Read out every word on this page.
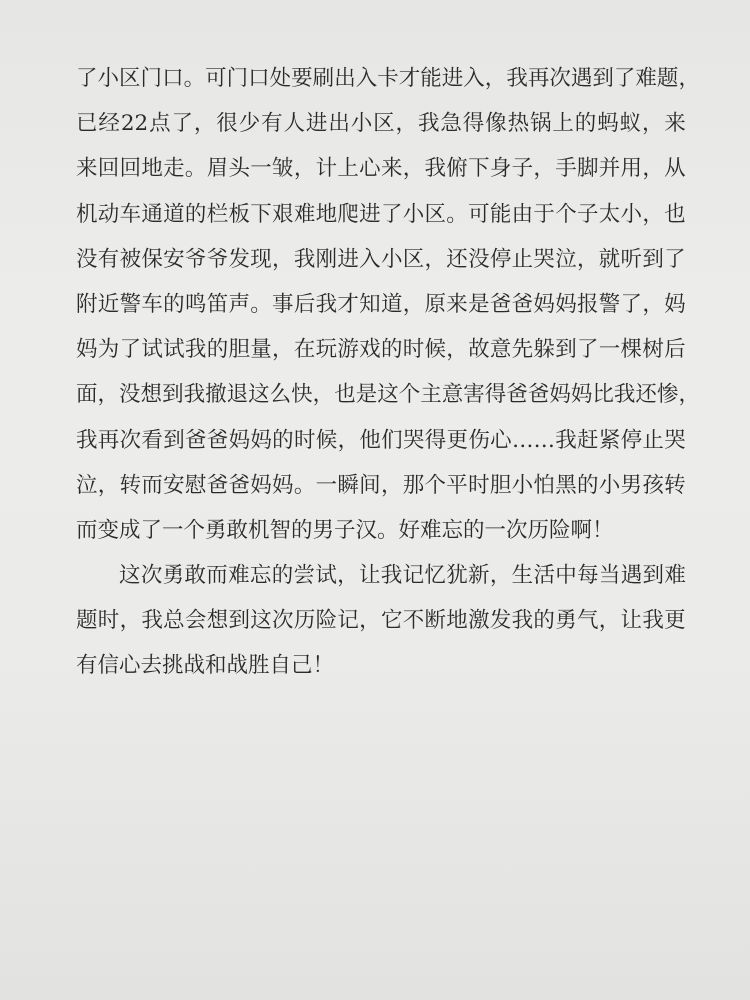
了 小 区 门 口 。 可 门 口 处 要 刷 出 入 卡 才 能 进 入 ， 我 再 次 遇 到 了 难 题 ，
已 经 22 点 了 ， 很 少 有 人 进 出 小 区 ， 我 急 得 像 热 锅 上 的 蚂 蚁 ， 来
来 回 回 地 走 。 眉 头 一 皱 ， 计 上 心 来 ， 我 俯 下 身 子 ， 手 脚 并 用 ， 从
机 动 车 通 道 的 栏 板 下 艰 难 地 爬 进 了 小 区 。 可 能 由 于 个 子 太 小 ， 也
没 有 被 保 安 爷 爷 发 现 ， 我 刚 进 入 小 区 ， 还 没 停 止 哭 泣 ， 就 听 到 了
附 近 警 车 的 鸣 笛 声 。 事 后 我 才 知 道 ， 原 来 是 爸 爸 妈 妈 报 警 了 ， 妈
妈 为 了 试 试 我 的 胆 量 ， 在 玩 游 戏 的 时 候 ， 故 意 先 躲 到 了 一 棵 树 后
面 ， 没 想 到 我 撤 退 这 么 快 ， 也 是 这 个 主 意 害 得 爸 爸 妈 妈 比 我 还 惨 ，
我 再 次 看 到 爸 爸 妈 妈 的 时 候 ， 他 们 哭 得 更 伤 心 …… 我 赶 紧 停 止 哭
泣 ， 转 而 安 慰 爸 爸 妈 妈 。 一 瞬 间 ， 那 个 平 时 胆 小 怕 黑 的 小 男 孩 转
而变成了一个勇敢机智的男子汉。好难忘的一次历险啊！
这 次 勇 敢 而 难 忘 的 尝 试 ， 让 我 记 忆 犹 新 ， 生 活 中 每 当 遇 到 难
题 时 ， 我 总 会 想 到 这 次 历 险 记 ， 它 不 断 地 激 发 我 的 勇 气 ， 让 我 更
有信心去挑战和战胜自己！
